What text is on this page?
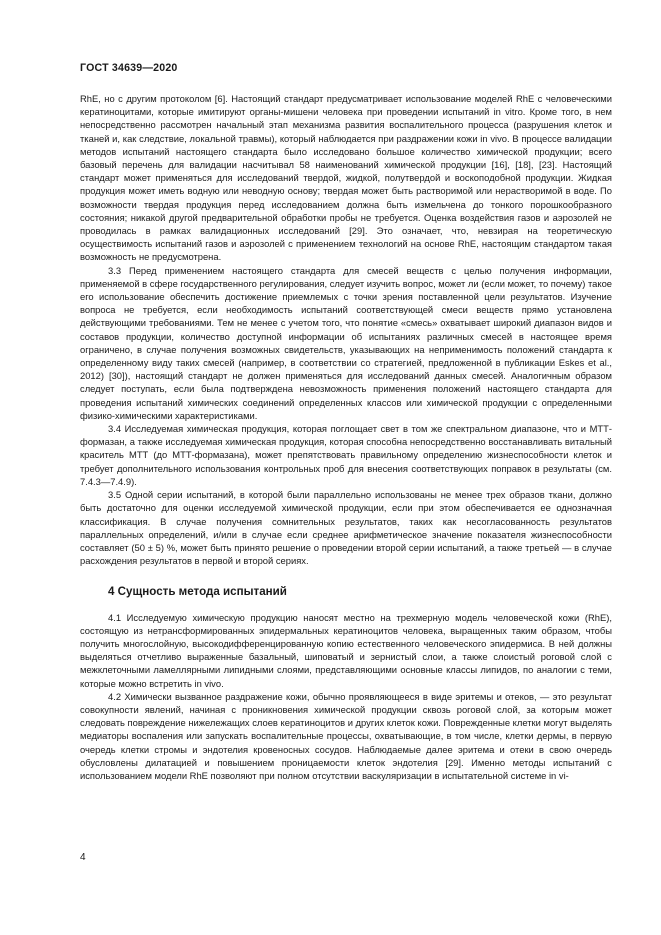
ГОСТ 34639—2020

RhE, но с другим протоколом [6]. Настоящий стандарт предусматривает использование моделей RhE с человеческими кератиноцитами, которые имитируют органы-мишени человека при проведении испытаний in vitro. Кроме того, в нем непосредственно рассмотрен начальный этап механизма развития воспалительного процесса (разрушения клеток и тканей и, как следствие, локальной травмы), который наблюдается при раздражении кожи in vivo. В процессе валидации методов испытаний настоящего стандарта было исследовано большое количество химической продукции; всего базовый перечень для валидации насчитывал 58 наименований химической продукции [16], [18], [23]. Настоящий стандарт может применяться для исследований твердой, жидкой, полутвердой и воскоподобной продукции. Жидкая продукция может иметь водную или неводную основу; твердая может быть растворимой или нерастворимой в воде. По возможности твердая продукция перед исследованием должна быть измельчена до тонкого порошкообразного состояния; никакой другой предварительной обработки пробы не требуется. Оценка воздействия газов и аэрозолей не проводилась в рамках валидационных исследований [29]. Это означает, что, невзирая на теоретическую осуществимость испытаний газов и аэрозолей с применением технологий на основе RhE, настоящим стандартом такая возможность не предусмотрена.

3.3 Перед применением настоящего стандарта для смесей веществ с целью получения информации, применяемой в сфере государственного регулирования, следует изучить вопрос, может ли (если может, то почему) такое его использование обеспечить достижение приемлемых с точки зрения поставленной цели результатов. Изучение вопроса не требуется, если необходимость испытаний соответствующей смеси веществ прямо установлена действующими требованиями. Тем не менее с учетом того, что понятие «смесь» охватывает широкий диапазон видов и составов продукции, количество доступной информации об испытаниях различных смесей в настоящее время ограничено, в случае получения возможных свидетельств, указывающих на неприменимость положений стандарта к определенному виду таких смесей (например, в соответствии со стратегией, предложенной в публикации Eskes et al., 2012) [30]), настоящий стандарт не должен применяться для исследований данных смесей. Аналогичным образом следует поступать, если была подтверждена невозможность применения положений настоящего стандарта для проведения испытаний химических соединений определенных классов или химической продукции с определенными физико-химическими характеристиками.

3.4 Исследуемая химическая продукция, которая поглощает свет в том же спектральном диапазоне, что и МТТ-формазан, а также исследуемая химическая продукция, которая способна непосредственно восстанавливать витальный краситель МТТ (до МТТ-формазана), может препятствовать правильному определению жизнеспособности клеток и требует дополнительного использования контрольных проб для внесения соответствующих поправок в результаты (см. 7.4.3—7.4.9).

3.5 Одной серии испытаний, в которой были параллельно использованы не менее трех образов ткани, должно быть достаточно для оценки исследуемой химической продукции, если при этом обеспечивается ее однозначная классификация. В случае получения сомнительных результатов, таких как несогласованность результатов параллельных определений, и/или в случае если среднее арифметическое значение показателя жизнеспособности составляет (50 ± 5) %, может быть принято решение о проведении второй серии испытаний, а также третьей — в случае расхождения результатов в первой и второй сериях.

4 Сущность метода испытаний

4.1 Исследуемую химическую продукцию наносят местно на трехмерную модель человеческой кожи (RhE), состоящую из нетрансформированных эпидермальных кератиноцитов человека, выращенных таким образом, чтобы получить многослойную, высокодифференцированную копию естественного человеческого эпидермиса. В ней должны выделяться отчетливо выраженные базальный, шиповатый и зернистый слои, а также слоистый роговой слой с межклеточными ламеллярными липидными слоями, представляющими основные классы липидов, по аналогии с теми, которые можно встретить in vivo.

4.2 Химически вызванное раздражение кожи, обычно проявляющееся в виде эритемы и отеков, — это результат совокупности явлений, начиная с проникновения химической продукции сквозь роговой слой, за которым может следовать повреждение нижележащих слоев кератиноцитов и других клеток кожи. Поврежденные клетки могут выделять медиаторы воспаления или запускать воспалительные процессы, охватывающие, в том числе, клетки дермы, в первую очередь клетки стромы и эндотелия кровеносных сосудов. Наблюдаемые далее эритема и отеки в свою очередь обусловлены дилатацией и повышением проницаемости клеток эндотелия [29]. Именно методы испытаний с использованием модели RhE позволяют при полном отсутствии васкуляризации в испытательной системе in vi-

4
